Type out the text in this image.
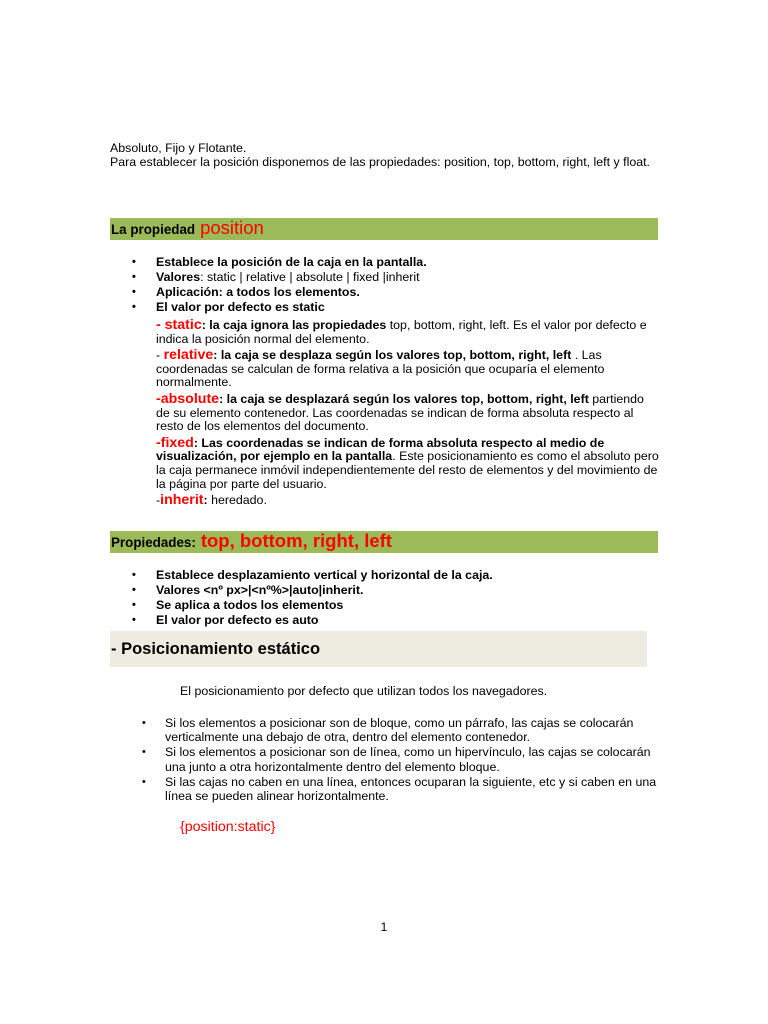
Absoluto, Fijo y Flotante.

Para establecer la posición disponemos de las propiedades: position, top, bottom, right, left y float.

La propiedad position
• Establece la posición de la caja en la pantalla.
• Valores: static | relative | absolute | fixed |inherit
• Aplicación: a todos los elementos.
• El valor por defecto es static
- static: la caja ignora las propiedades top, bottom, right, left. Es el valor por defecto e indica la posición normal del elemento.
- relative: la caja se desplaza según los valores top, bottom, right, left . Las coordenadas se calculan de forma relativa a la posición que ocuparía el elemento normalmente.
-absolute: la caja se desplazará según los valores top, bottom, right, left partiendo de su elemento contenedor. Las coordenadas se indican de forma absoluta respecto al resto de los elementos del documento.
-fixed: Las coordenadas se indican de forma absoluta respecto al medio de visualización, por ejemplo en la pantalla. Este posicionamiento es como el absoluto pero la caja permanece inmóvil independientemente del resto de elementos y del movimiento de la página por parte del usuario.
-inherit: heredado.
Propiedades: top, bottom, right, left
• Establece desplazamiento vertical y horizontal de la caja.
• Valores <nº px>|<nº%>|auto|inherit.
• Se aplica a todos los elementos
• El valor por defecto es auto
- Posicionamiento estático
El posicionamiento por defecto que utilizan todos los navegadores.
• Si los elementos a posicionar son de bloque, como un párrafo, las cajas se colocarán verticalmente una debajo de otra, dentro del elemento contenedor.
• Si los elementos a posicionar son de línea, como un hipervínculo, las cajas se colocarán una junto a otra horizontalmente dentro del elemento bloque.
• Si las cajas no caben en una línea, entonces ocuparan la siguiente, etc y si caben en una línea se pueden alinear horizontalmente.
{position:static}
1
